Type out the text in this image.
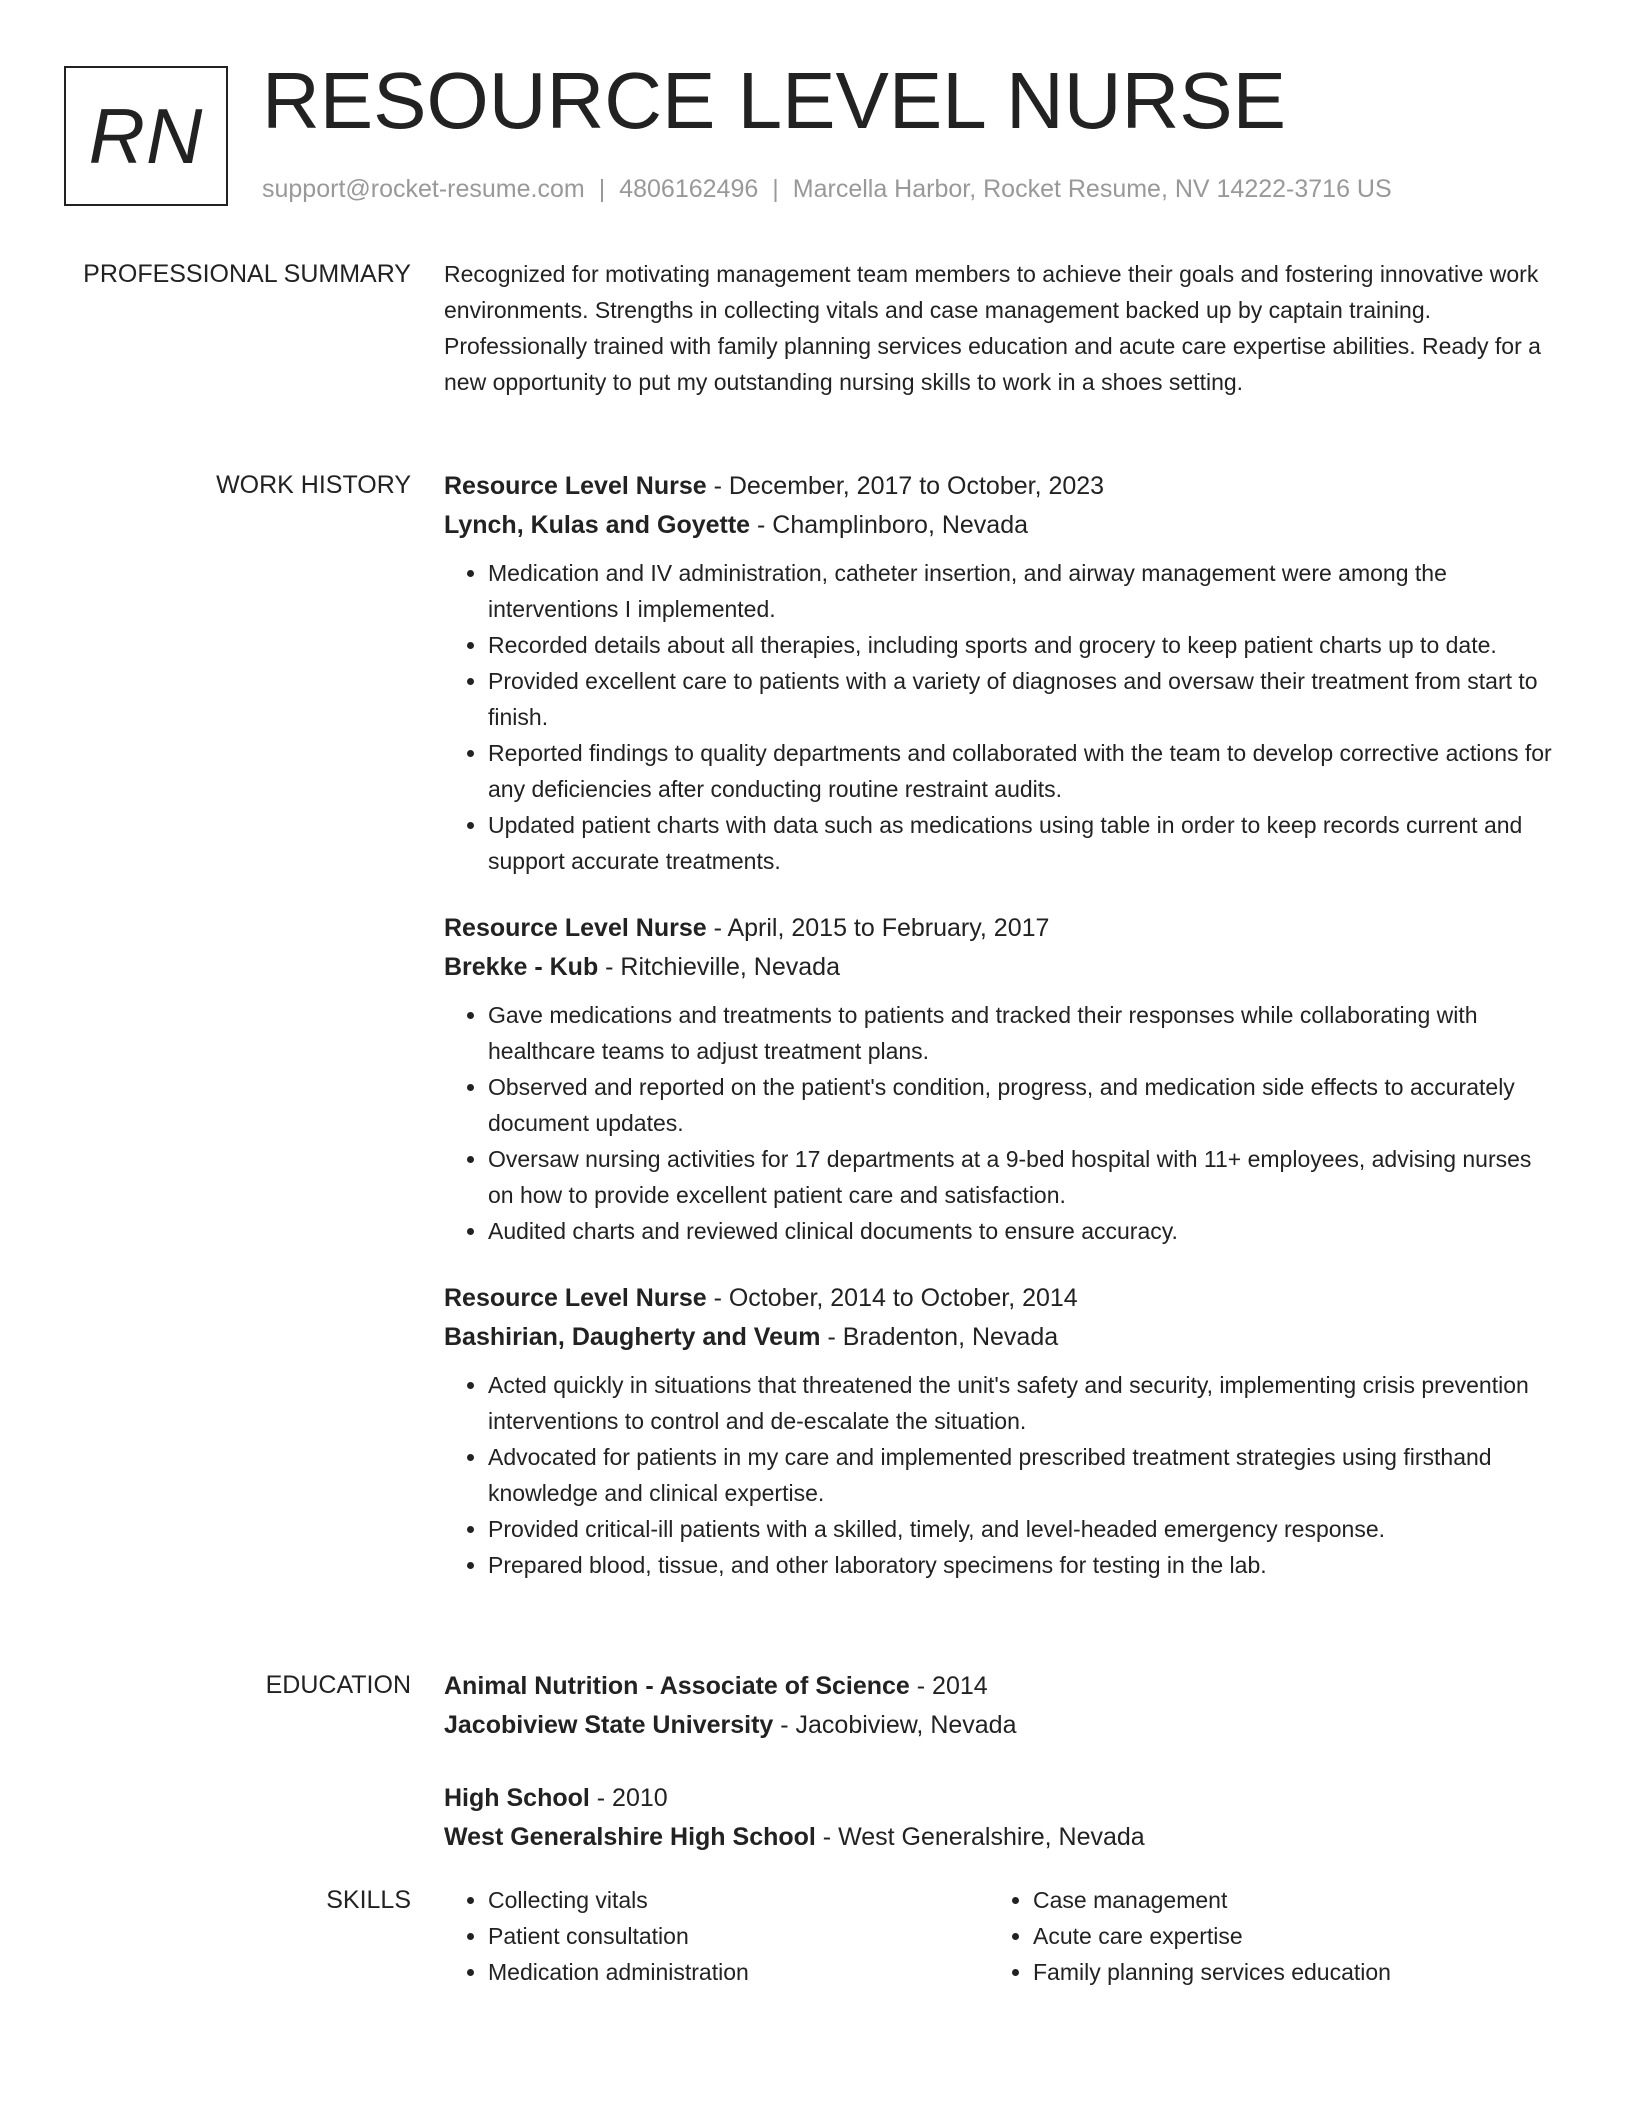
RN RESOURCE LEVEL NURSE
support@rocket-resume.com | 4806162496 | Marcella Harbor, Rocket Resume, NV 14222-3716 US
PROFESSIONAL SUMMARY Recognized for motivating management team members to achieve their goals and fostering innovative work environments. Strengths in collecting vitals and case management backed up by captain training. Professionally trained with family planning services education and acute care expertise abilities. Ready for a new opportunity to put my outstanding nursing skills to work in a shoes setting.

WORK HISTORY Resource Level Nurse - December, 2017 to October, 2023
Lynch, Kulas and Goyette - Champlinboro, Nevada
• Medication and IV administration, catheter insertion, and airway management were among the interventions I implemented.
• Recorded details about all therapies, including sports and grocery to keep patient charts up to date.
• Provided excellent care to patients with a variety of diagnoses and oversaw their treatment from start to finish.
• Reported findings to quality departments and collaborated with the team to develop corrective actions for any deficiencies after conducting routine restraint audits.
• Updated patient charts with data such as medications using table in order to keep records current and support accurate treatments.
Resource Level Nurse - April, 2015 to February, 2017
Brekke - Kub - Ritchieville, Nevada
• Gave medications and treatments to patients and tracked their responses while collaborating with healthcare teams to adjust treatment plans.
• Observed and reported on the patient's condition, progress, and medication side effects to accurately document updates.
• Oversaw nursing activities for 17 departments at a 9-bed hospital with 11+ employees, advising nurses on how to provide excellent patient care and satisfaction.
• Audited charts and reviewed clinical documents to ensure accuracy.
Resource Level Nurse - October, 2014 to October, 2014
Bashirian, Daugherty and Veum - Bradenton, Nevada
• Acted quickly in situations that threatened the unit's safety and security, implementing crisis prevention interventions to control and de-escalate the situation.
• Advocated for patients in my care and implemented prescribed treatment strategies using firsthand knowledge and clinical expertise.
• Provided critical-ill patients with a skilled, timely, and level-headed emergency response.
• Prepared blood, tissue, and other laboratory specimens for testing in the lab.
EDUCATION Animal Nutrition - Associate of Science - 2014
Jacobiview State University - Jacobiview, Nevada
High School - 2010
West Generalshire High School - West Generalshire, Nevada
SKILLS
•	Collecting vitals
• Patient consultation
• Medication administration
• Case management
• Acute care expertise
• Family planning services education
